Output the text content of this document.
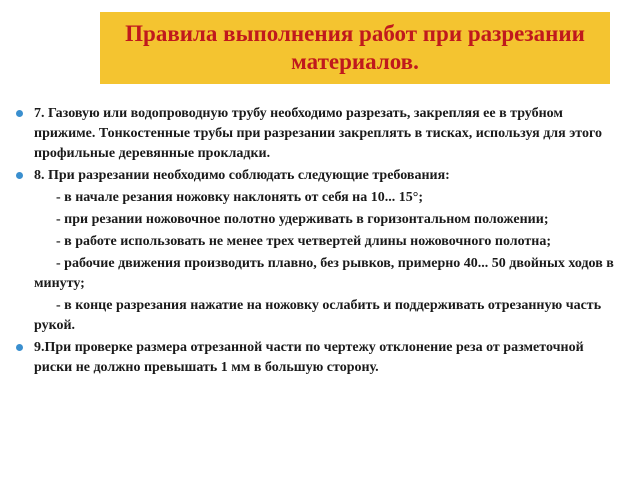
Правила выполнения работ при разрезании материалов.
7. Газовую или водопроводную трубу необходимо разрезать, закрепляя ее в трубном прижиме. Тонкостенные трубы при разрезании закреплять в тисках, используя для этого профильные деревянные прокладки.
8. При разрезании необходимо соблюдать следующие требования:
- в начале резания ножовку наклонять от себя на 10... 15°;
- при резании ножовочное полотно удерживать в горизонтальном положении;
- в работе использовать не менее трех четвертей длины ножовочного полотна;
- рабочие движения производить плавно, без рывков, примерно 40... 50 двойных ходов в минуту;
- в конце разрезания нажатие на ножовку ослабить и поддерживать отрезанную часть рукой.
9.При проверке размера отрезанной части по чертежу отклонение реза от разметочной риски не должно превышать 1 мм в большую сторону.
